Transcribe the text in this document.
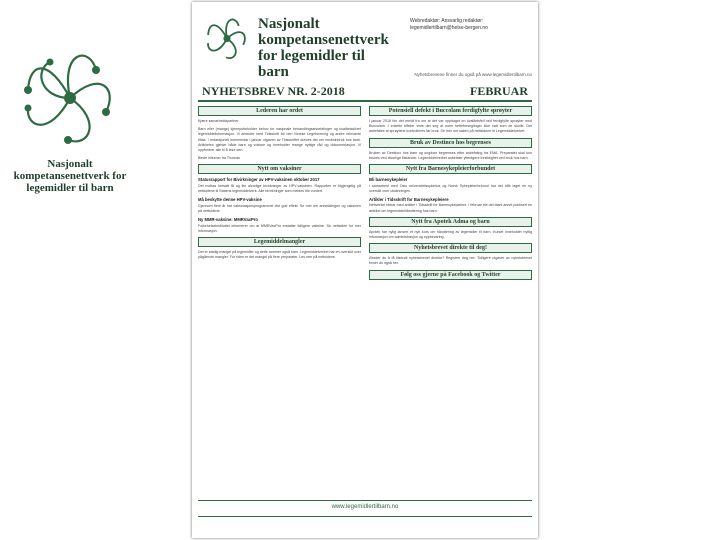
Nasjonalt kompetansenettverk for legemidler til barn
Nasjonalt kompetansenettverk for legemidler til barn
Webredaktør: Ansvarlig redaktør: legemidlertilbarn@helse-bergen.no
Nyhetsbrevene finner du også på www.legemidlertilbarn.no
NYHETSBREV NR. 2-2018	FEBRUAR
Lederen har ordet
Kjære samarbeidspartner
Barn eller (mange) kjenepsbeholder behov for nasjonale behandlingsanbefalinger og kvalitetssikret legemiddelinformasjon. Vi arbeider med Tidsskrift for den Norske Legeforening og andre relevante tiltak. I redaksjonell kommentar i januar utgaven av Tidsskriftet skrives det om medisinbruk hos barn. Artikkelen gjelder både barn og voksne og inneholder mange nyttige råd og dokumentasjon. Vi oppfordrer alle til å lese den.
Beste hilsener fra Thomas
Nytt om vaksiner
Statusrapport for Bivirkninger av HPV-vaksinen oktober 2017
Det mottas fortsatt få og lite alvorlige bivirkninger av HPV-vaksinen. Rapporten er tilgjengelig på nettsidene til Statens legemiddelverk. Alle bivirkninger som meldes blir vurdert.
Må beskytte denne HPV-vaksine
Gjennom flere år har vaksinasjonsprogrammet vist god effekt. Se mer om anbefalingen og vaksinen på nettsidene.
Ny MMR-vaksine: MMRVaxPro
Folkehelseinstituttet informerer om at MMRVaxPro erstatter tidligere vaksine. Se nettsiden for mer informasjon.
Legemiddelmangler
Det er stadig mangel på legemidler og dette rammer også barn. Legemiddelverket har en oversikt over pågående mangler. For tiden er det mangel på flere preparater. Les mer på nettsidene.
Potensiell defekt i Buccolam ferdigfylte sprøyter
I januar 2018 ble det meldt fra om at det var oppdaget en kvalitetsfeil ved ferdigfylte sprøyter med Buccolam. I enkelte tilfeller viste det seg at noen hetteforseglinger ikke satt som de skulle. Det anbefales at sprøytene kontrolleres før bruk. Se mer om saken på nettsidene til Legemiddelverket.
Bruk av Destinco hos begrenses
Bruken av Destinco hos barn og ungdom begrenses etter anbefaling fra EMA. Preparatet skal kun brukes ved alvorlige tilstander. Legemiddelverket anbefaler ytterligere forsiktighet ved bruk hos barn.
Nytt fra Barnesykepleierforbundet
Bli barnesykepleier
I samarbeid med Oslo universitetssykehus og Norsk Sykepleierforbund har det blitt laget en ny oversikt over utdanningen.
Artikler i Tidsskrift for Barnesykepleiere
Nettverket bidrar med artikler i Tidsskrift for Barnesykepleiere. I februar ble det blant annet publisert en artikkel om legemiddelhåndtering hos barn.
Nytt fra Apotek Adma og barn
Apotek har nylig lansert et nytt kurs om håndtering av legemidler til barn. Kurset inneholder nyttig informasjon om administrasjon og oppbevaring.
Nyhetsbrevet direkte til deg!
Ønsker du å få tilsendt nyhetsbrevet direkte? Registrer deg her. Tidligere utgaver av nyhetsbrevet finner du også her.
Følg oss gjerne på Facebook og Twitter
www.legemidlertilbarn.no
